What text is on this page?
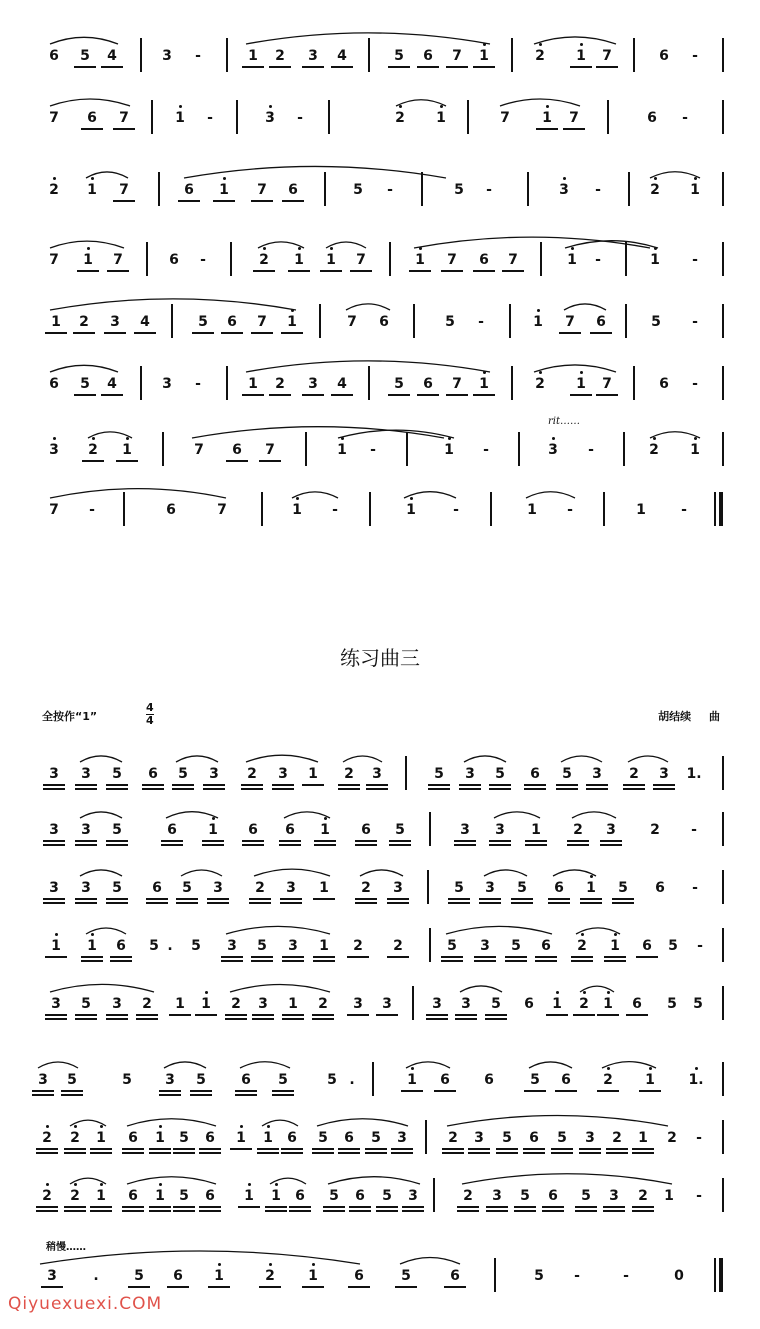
练习曲三
全按作“1”	$\frac{4}{4}$	胡结续 曲
rit……
稍慢……
Qiyuexuexi.COM
6	5	4	3	-	1	2	3	4	5	6	7	1	2	1	7	6	-
7	6	7	1	-	3	-	2	1	7	1	7	6	-
2	1	7	6	1	7	6	5	-	5	-	3	-	2	1
7	1	7	6	-	2	1	1	7	1	7	6	7	1	-	1	-
1	2	3	4	5	6	7	1	7	6	5	-	1	7	6	5	-
6	5	4	3	-	1	2	3	4	5	6	7	1	2	1	7	6	-
3	2	1	7	6	7	1	-	1	-	3	-	2	1
7	-	6	7	1	-	1	-	1	-	1	-
3	3	5	6	5	3	2	3	1	2	3	5	3	5	6	5	3	2	3	1.
3	3	5	6	1	6	6	1	6	5	3	3	1	2	3	2	-
3	3	5	6	5	3	2	3	1	2	3	5	3	5	6	1	5	6	-
1	1	6	5 .	5	3	5	3	1	2	2	5	3	5	6	2	1	6	5	-
3	5	3	2	1	1	2	3	1	2	3	3	3	3	5	6	1	2	1	6	5	5
3	5	5	3	5	6	5	5 .	1	6	6	5	6	2	1	1.
2	2	1	6	1	5	6	1	1	6	5	6	5	3	2	3	5	6	5	3	2	1	2	-
2	2	1	6	1	5	6	1	1	6	5	6	5	3	2	3	5	6	5	3	2	1	-
3	.	5	6	1	2	1	6	5	6	5	-	-	0
